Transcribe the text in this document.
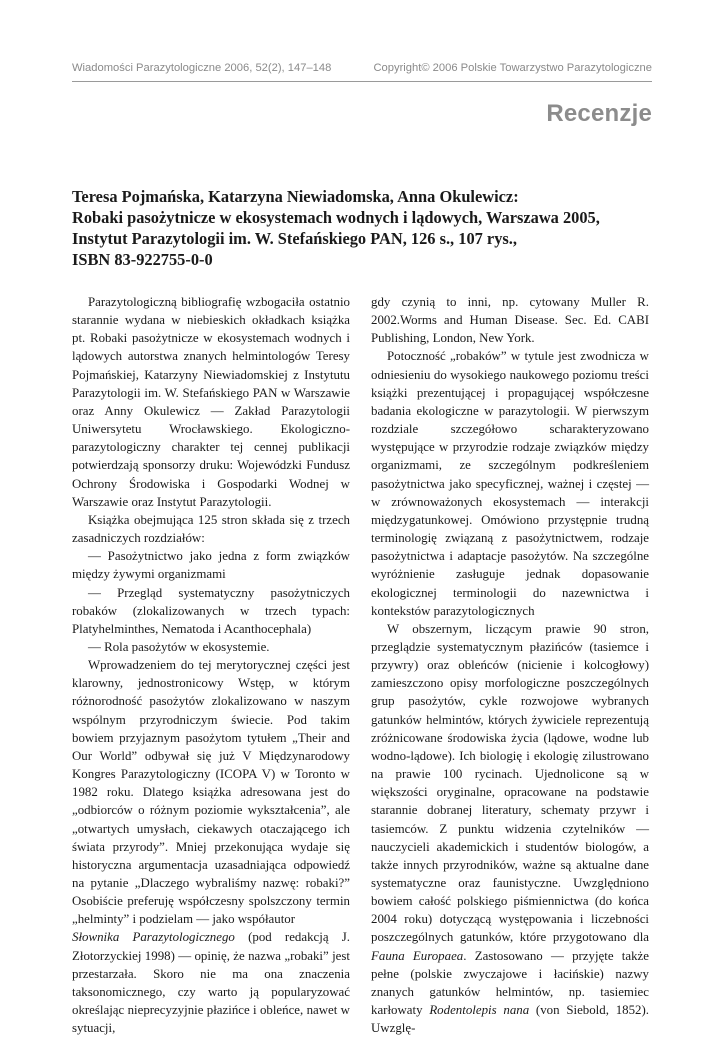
Wiadomości Parazytologiczne 2006, 52(2), 147–148	Copyright© 2006 Polskie Towarzystwo Parazytologiczne
Recenzje
Teresa Pojmańska, Katarzyna Niewiadomska, Anna Okulewicz:
Robaki pasożytnicze w ekosystemach wodnych i lądowych, Warszawa 2005,
Instytut Parazytologii im. W. Stefańskiego PAN, 126 s., 107 rys.,
ISBN 83-922755-0-0

Parazytologiczną bibliografię wzbogaciła ostatnio starannie wydana w niebieskich okładkach książka pt. Robaki pasożytnicze w ekosystemach wodnych i lądowych autorstwa znanych helmintologów Teresy Pojmańskiej, Katarzyny Niewiadomskiej z Instytutu Parazytologii im. W. Stefańskiego PAN w Warszawie oraz Anny Okulewicz — Zakład Parazytologii Uniwersytetu Wrocławskiego. Ekologiczno-parazytologiczny charakter tej cennej publikacji potwierdzają sponsorzy druku: Wojewódzki Fundusz Ochrony Środowiska i Gospodarki Wodnej w Warszawie oraz Instytut Parazytologii.

Książka obejmująca 125 stron składa się z trzech zasadniczych rozdziałów:

— Pasożytnictwo jako jedna z form związków między żywymi organizmami

— Przegląd systematyczny pasożytniczych robaków (zlokalizowanych w trzech typach: Platyhelminthes, Nematoda i Acanthocephala)

— Rola pasożytów w ekosystemie.

Wprowadzeniem do tej merytorycznej części jest klarowny, jednostronicowy Wstęp, w którym różnorodność pasożytów zlokalizowano w naszym wspólnym przyrodniczym świecie. Pod takim bowiem przyjaznym pasożytom tytułem „Their and Our World” odbywał się już V Międzynarodowy Kongres Parazytologiczny (ICOPA V) w Toronto w 1982 roku. Dlatego książka adresowana jest do „odbiorców o różnym poziomie wykształcenia”, ale „otwartych umysłach, ciekawych otaczającego ich świata przyrody”. Mniej przekonująca wydaje się historyczna argumentacja uzasadniająca odpowiedź na pytanie „Dlaczego wybraliśmy nazwę: robaki?” Osobiście preferuję współczesny spolszczony termin „helminty” i podzielam — jako współautor

Słownika Parazytologicznego (pod redakcją J. Złotorzyckiej 1998) — opinię, że nazwa „robaki” jest przestarzała. Skoro nie ma ona znaczenia taksonomicznego, czy warto ją popularyzować określając nieprecyzyjnie płazińce i obleńce, nawet w sytuacji,

gdy czynią to inni, np. cytowany Muller R. 2002.Worms and Human Disease. Sec. Ed. CABI Publishing, London, New York.

Potoczność „robaków” w tytule jest zwodnicza w odniesieniu do wysokiego naukowego poziomu treści książki prezentującej i propagującej współczesne badania ekologiczne w parazytologii. W pierwszym rozdziale szczegółowo scharakteryzowano występujące w przyrodzie rodzaje związków między organizmami, ze szczególnym podkreśleniem pasożytnictwa jako specyficznej, ważnej i częstej — w zrównoważonych ekosystemach — interakcji międzygatunkowej. Omówiono przystępnie trudną terminologię związaną z pasożytnictwem, rodzaje pasożytnictwa i adaptacje pasożytów. Na szczególne wyróżnienie zasługuje jednak dopasowanie ekologicznej terminologii do nazewnictwa i kontekstów parazytologicznych

W obszernym, liczącym prawie 90 stron, przeglądzie systematycznym płazińców (tasiemce i przywry) oraz obleńców (nicienie i kolcogłowy) zamieszczono opisy morfologiczne poszczególnych grup pasożytów, cykle rozwojowe wybranych gatunków helmintów, których żywiciele reprezentują zróżnicowane środowiska życia (lądowe, wodne lub wodno-lądowe). Ich biologię i ekologię zilustrowano na prawie 100 rycinach. Ujednolicone są w większości oryginalne, opracowane na podstawie starannie dobranej literatury, schematy przywr i tasiemców. Z punktu widzenia czytelników — nauczycieli akademickich i studentów biologów, a także innych przyrodników, ważne są aktualne dane systematyczne oraz faunistyczne. Uwzględniono bowiem całość polskiego piśmiennictwa (do końca 2004 roku) dotyczącą występowania i liczebności poszczególnych gatunków, które przygotowano dla Fauna Europaea. Zastosowano — przyjęte także pełne (polskie zwyczajowe i łacińskie) nazwy znanych gatunków helmintów, np. tasiemiec karłowaty Rodentolepis nana (von Siebold, 1852). Uwzglę-
